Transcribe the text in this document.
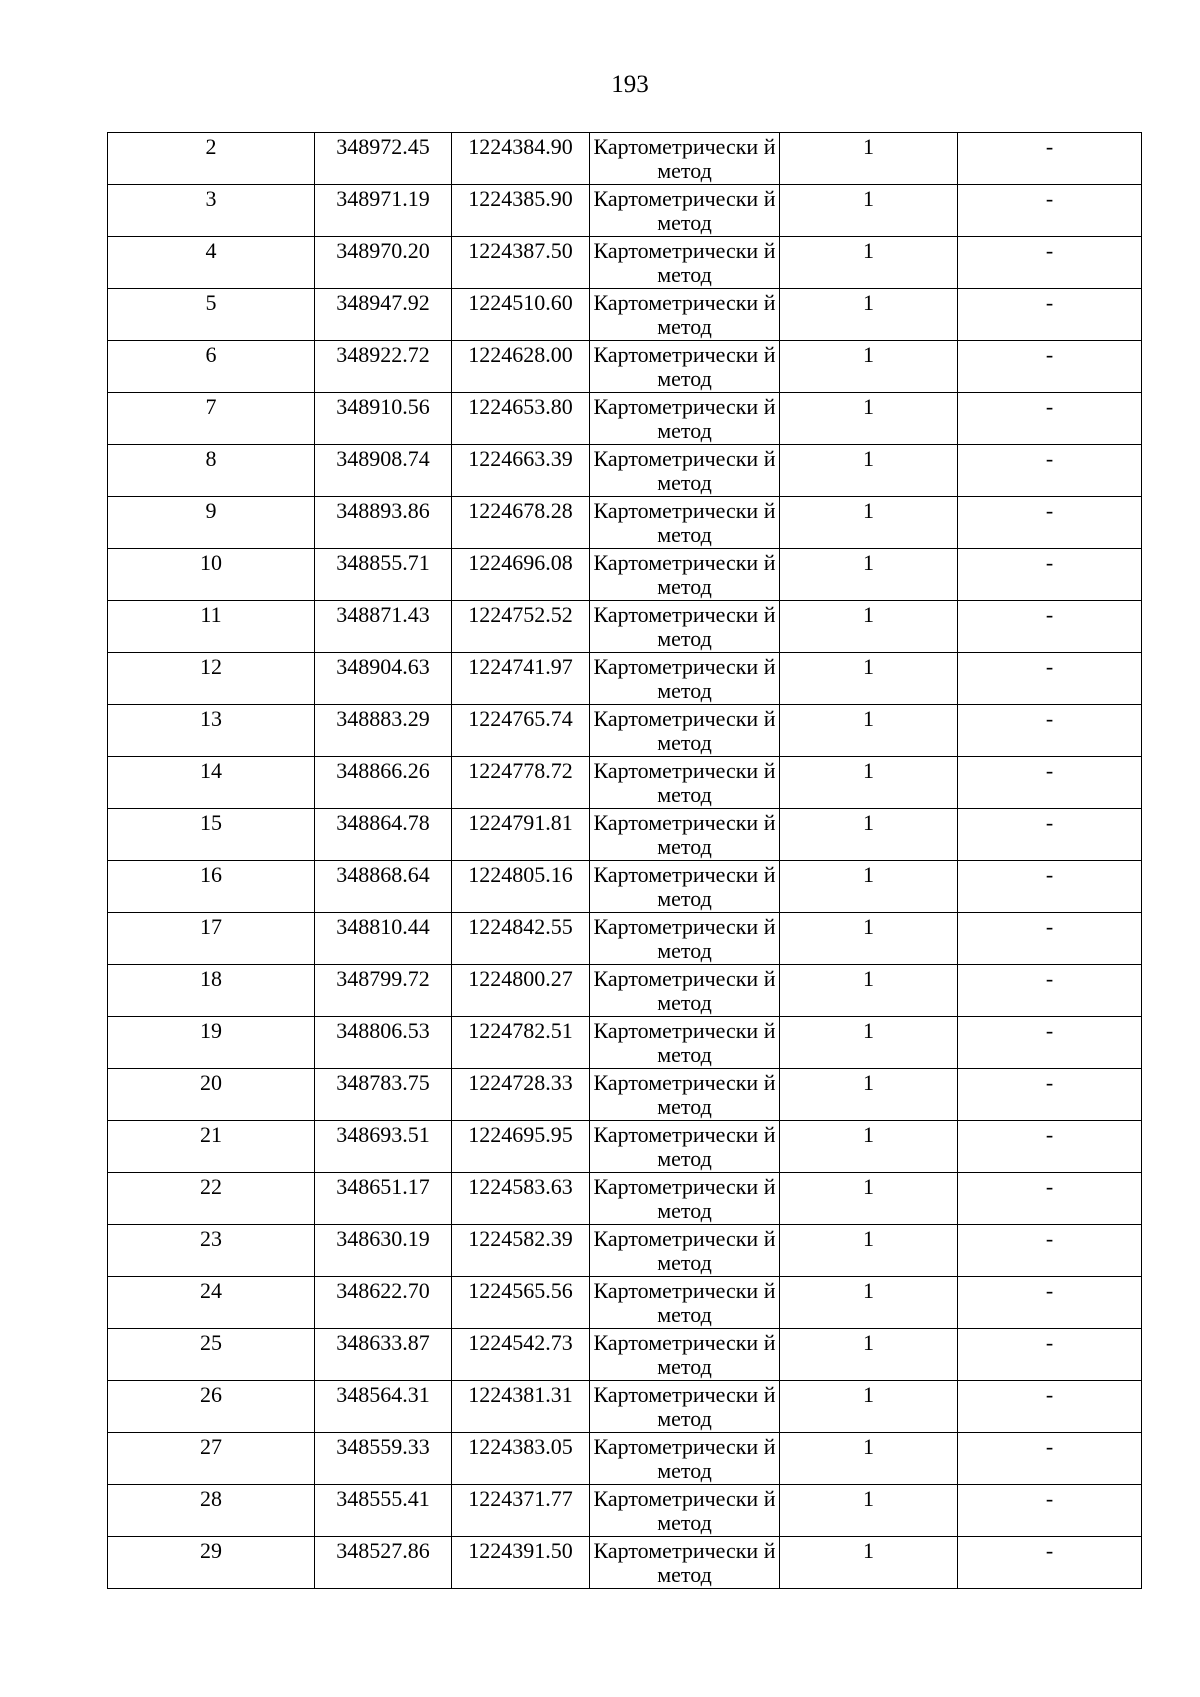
193
2	348972.45	1224384.90	Картометрически й метод	1	-
3	348971.19	1224385.90	Картометрически й метод	1	-
4	348970.20	1224387.50	Картометрически й метод	1	-
5	348947.92	1224510.60	Картометрически й метод	1	-
6	348922.72	1224628.00	Картометрически й метод	1	-
7	348910.56	1224653.80	Картометрически й метод	1	-
8	348908.74	1224663.39	Картометрически й метод	1	-
9	348893.86	1224678.28	Картометрически й метод	1	-
10	348855.71	1224696.08	Картометрически й метод	1	-
11	348871.43	1224752.52	Картометрически й метод	1	-
12	348904.63	1224741.97	Картометрически й метод	1	-
13	348883.29	1224765.74	Картометрически й метод	1	-
14	348866.26	1224778.72	Картометрически й метод	1	-
15	348864.78	1224791.81	Картометрически й метод	1	-
16	348868.64	1224805.16	Картометрически й метод	1	-
17	348810.44	1224842.55	Картометрически й метод	1	-
18	348799.72	1224800.27	Картометрически й метод	1	-
19	348806.53	1224782.51	Картометрически й метод	1	-
20	348783.75	1224728.33	Картометрически й метод	1	-
21	348693.51	1224695.95	Картометрически й метод	1	-
22	348651.17	1224583.63	Картометрически й метод	1	-
23	348630.19	1224582.39	Картометрически й метод	1	-
24	348622.70	1224565.56	Картометрически й метод	1	-
25	348633.87	1224542.73	Картометрически й метод	1	-
26	348564.31	1224381.31	Картометрически й метод	1	-
27	348559.33	1224383.05	Картометрически й метод	1	-
28	348555.41	1224371.77	Картометрически й метод	1	-
29	348527.86	1224391.50	Картометрически й метод	1	-
